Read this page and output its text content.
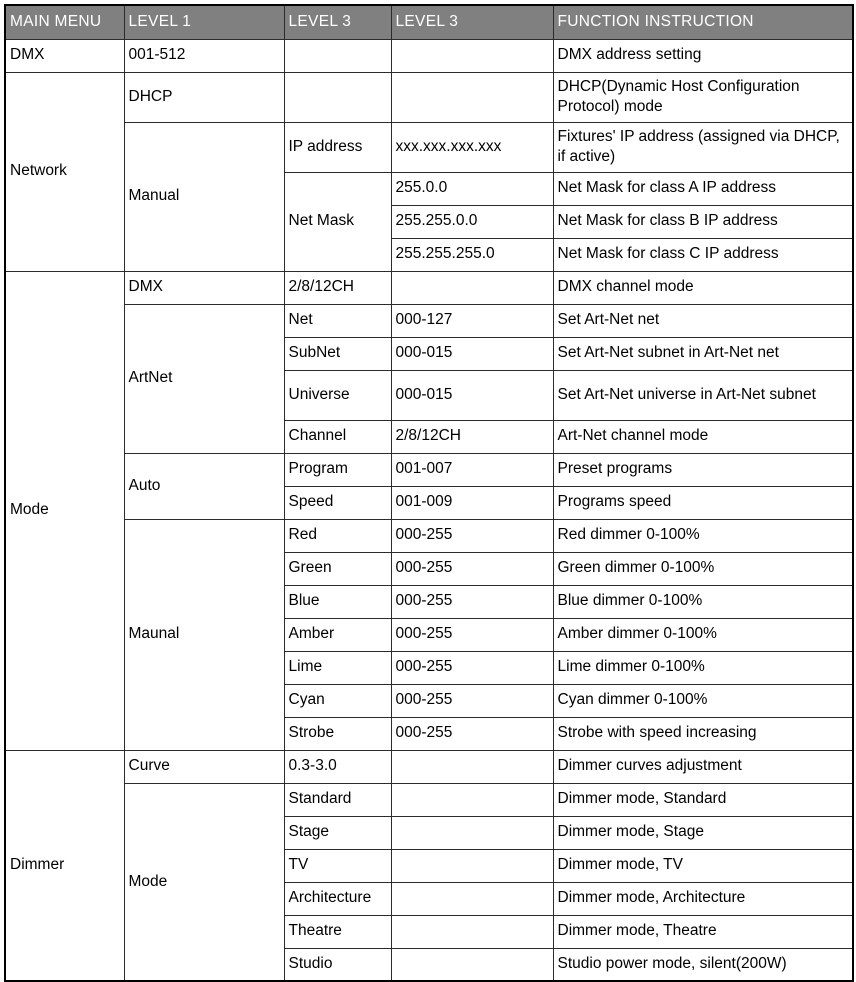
MAIN MENU	LEVEL 1	LEVEL 3	LEVEL 3	FUNCTION INSTRUCTION
DMX	001-512			DMX address setting
Network	DHCP			DHCP(Dynamic Host Configuration Protocol) mode
	Manual	IP address	xxx.xxx.xxx.xxx	Fixtures' IP address (assigned via DHCP, if active)
		Net Mask	255.0.0	Net Mask for class A IP address
			255.255.0.0	Net Mask for class B IP address
			255.255.255.0	Net Mask for class C IP address
Mode	DMX	2/8/12CH		DMX channel mode
	ArtNet	Net	000-127	Set Art-Net net
		SubNet	000-015	Set Art-Net subnet in Art-Net net
		Universe	000-015	Set Art-Net universe in Art-Net subnet
		Channel	2/8/12CH	Art-Net channel mode
	Auto	Program	001-007	Preset programs
		Speed	001-009	Programs speed
	Maunal	Red	000-255	Red dimmer 0-100%
		Green	000-255	Green dimmer 0-100%
		Blue	000-255	Blue dimmer 0-100%
		Amber	000-255	Amber dimmer 0-100%
		Lime	000-255	Lime dimmer 0-100%
		Cyan	000-255	Cyan dimmer 0-100%
		Strobe	000-255	Strobe with speed increasing
Dimmer	Curve	0.3-3.0		Dimmer curves adjustment
	Mode	Standard		Dimmer mode, Standard
		Stage		Dimmer mode, Stage
		TV		Dimmer mode, TV
		Architecture		Dimmer mode, Architecture
		Theatre		Dimmer mode, Theatre
		Studio		Studio power mode, silent(200W)
